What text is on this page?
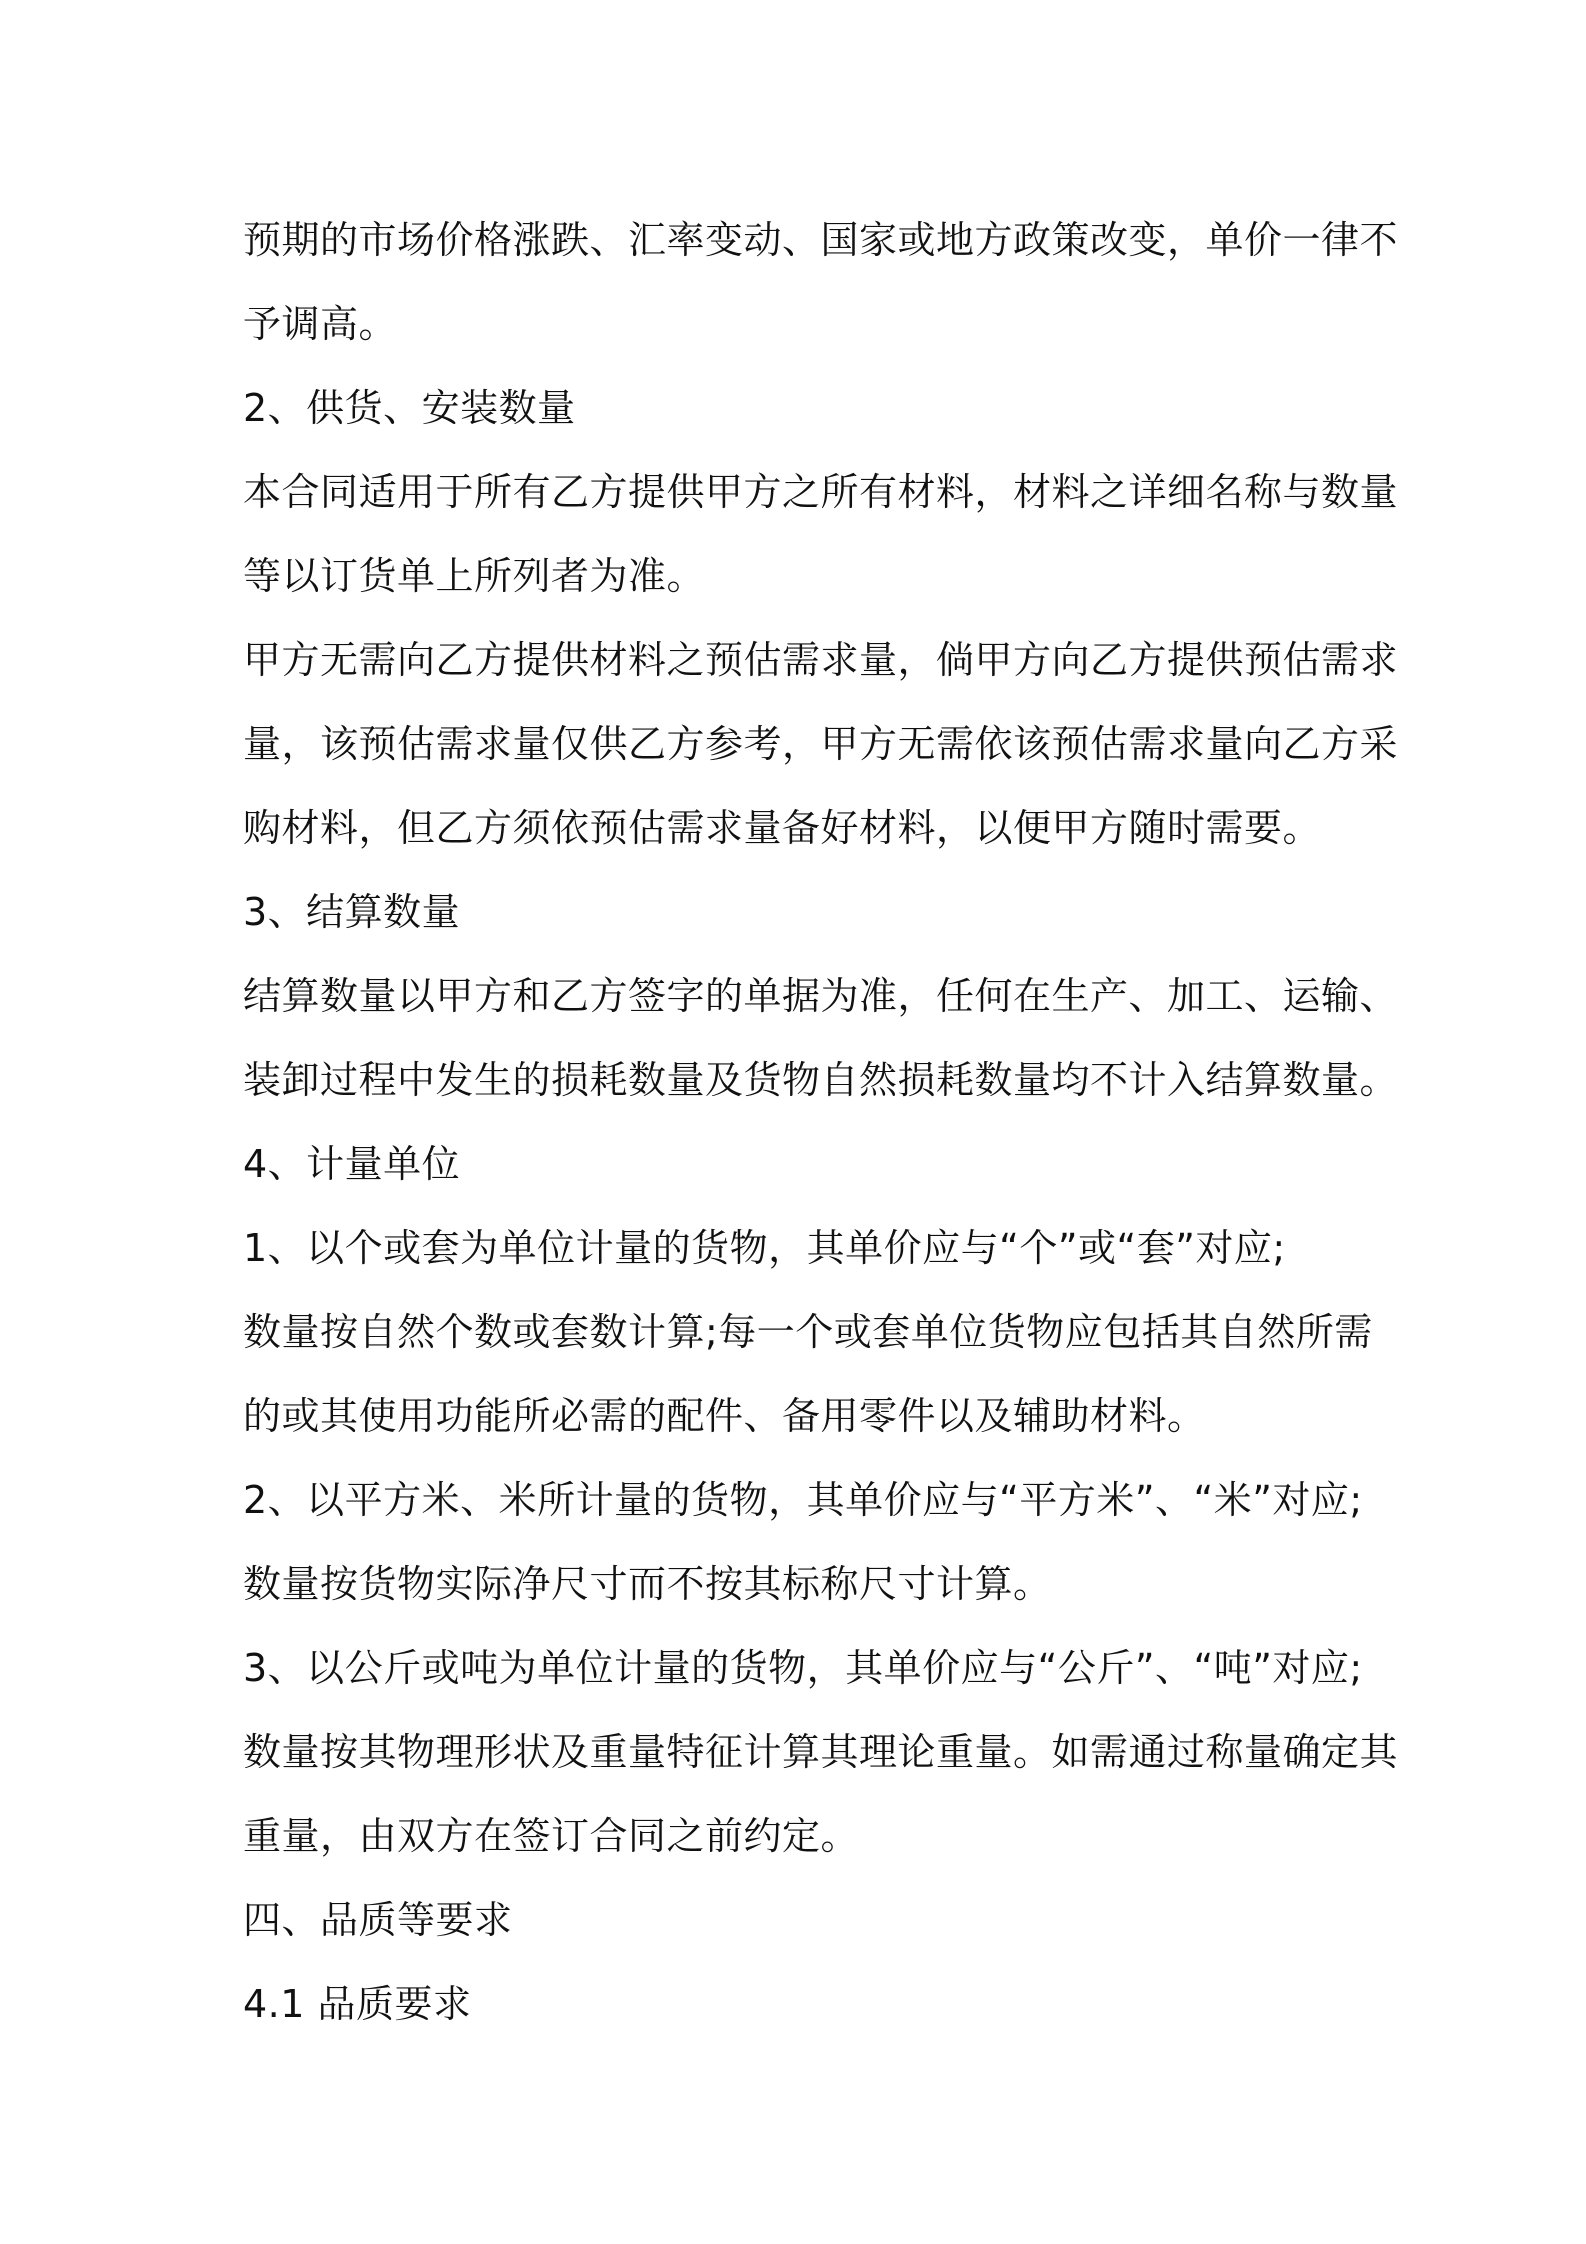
预期的市场价格涨跌、汇率变动、国家或地方政策改变，单价一律不
予调高。
2、供货、安装数量
本合同适用于所有乙方提供甲方之所有材料，材料之详细名称与数量
等以订货单上所列者为准。
甲方无需向乙方提供材料之预估需求量，倘甲方向乙方提供预估需求
量，该预估需求量仅供乙方参考，甲方无需依该预估需求量向乙方采
购材料，但乙方须依预估需求量备好材料，以便甲方随时需要。
3、结算数量
结算数量以甲方和乙方签字的单据为准，任何在生产、加工、运输、
装卸过程中发生的损耗数量及货物自然损耗数量均不计入结算数量。
4、计量单位
1、以个或套为单位计量的货物，其单价应与“个”或“套”对应;
数量按自然个数或套数计算;每一个或套单位货物应包括其自然所需
的或其使用功能所必需的配件、备用零件以及辅助材料。
2、以平方米、米所计量的货物，其单价应与“平方米”、“米”对应;
数量按货物实际净尺寸而不按其标称尺寸计算。
3、以公斤或吨为单位计量的货物，其单价应与“公斤”、“吨”对应;
数量按其物理形状及重量特征计算其理论重量。如需通过称量确定其
重量，由双方在签订合同之前约定。
四、品质等要求
4.1 品质要求
